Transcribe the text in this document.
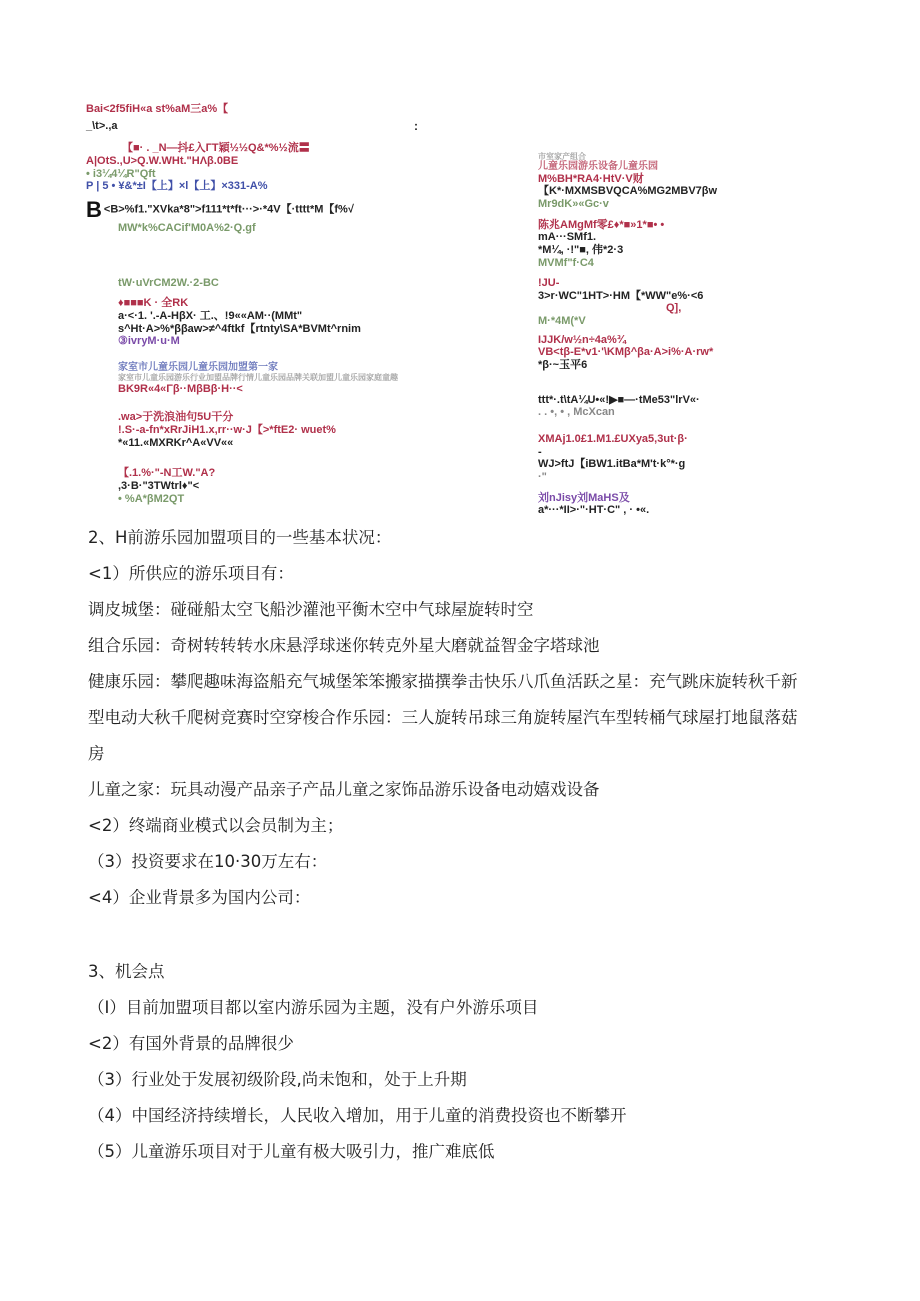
Bai<2f5fiH«a⁡ st%aM三a%【
_\t>.,a
【■· . _N—抖£入ГТ穎½½Q&*%½流〓
A|OtS.,U>Q.W.WHt."HΛβ.0BE
• i3¼4¼R"Qft
P | 5 • ¥&*±I【上】×l【上】×331-A%
B <B>%f1."XVka*8">f111*t*ft···>·*4V【·tttt*M【f%√
MW*k%CACif'M0A%2·Q.gf
tW·uVrCM2W.·2-BC
♦■■■K · 全RK
a·<·1. '.-A-HβX· 工.、!9««AM··(MMt"
s^Ht·A>%*ββaw>≠^4ftkf【rtnty\SA*BVMt^rnim
③ivryM·u·M
家室市儿童乐园儿童乐园加盟第一家
家室市儿童乐园游乐行业加盟品牌行情儿童乐园品牌关联加盟儿童乐园家庭童趣
BK9R«4«Γβ··MβBβ·H··<
.wa>于洗浪油句5U干分
!.S·-a-fn*xRrJiH1.x,rr··w·J【>*ftE2· wuet%
*«11.«MXRKr^A«VV««
【.1.%·"-N工W."A?
,3·B·"3TWtrl♦"<
• %A*βM2QT
:
市室家产组合
儿童乐园游乐设备儿童乐园
M%BH*RA4·HtV·V财
【K*·MXMSBVQCA%MG2MBV7βw
Mr9dK»«Gc·v
陈兆AMgMf零£♦*■»1*■• •
mA···SMf1.
*M¼, ·!"■, 伟*2·3
MVMf"f·C4
!JU-
3>r·WC"1HT>·HM【*WW"e%·<6
Q],
M·*4M(*V
IJJK/w½n÷4a%¾
VB<tβ-E*v1·'\KMβ^βa·A>i%·A·rw*
*β·~玉平6
ttt*·.t\tA¼U•«!▶■—·tMe53"lrV«·
. . •, • , McXcan
XMAj1.0£1.M1.£UXya5,3ut·β·
-
WJ>ftJ【iBW1.itBa*M't·k°*·g
·"
刘nJisy刘MaHS及
a*···*II>·"·HT·C" , · •«.
2、H前游乐园加盟项目的一些基本状况：
<1）所供应的游乐项目有：
调皮城堡：碰碰船太空飞船沙灌池平衡木空中气球屋旋转时空
组合乐园：奇树转转转水床悬浮球迷你转克外星大磨就益智金字塔球池
健康乐园：攀爬趣味海盗船充气城堡笨笨搬家描撰拳击快乐八爪鱼活跃之星：充气跳床旋转秋千新
型电动大秋千爬树竞赛时空穿梭合作乐园：三人旋转吊球三角旋转屋汽车型转桶气球屋打地鼠落菇
房
儿童之家：玩具动漫产品亲子产品儿童之家饰品游乐设备电动嬉戏设备
<2）终端商业模式以会员制为主；
（3）投资要求在10·30万左右：
<4）企业背景多为国内公司：
3、机会点
（I）目前加盟项目都以室内游乐园为主题，没有户外游乐项目
<2）有国外背景的品牌很少
（3）行业处于发展初级阶段,尚未饱和，处于上升期
（4）中国经济持续增长，人民收入增加，用于儿童的消费投资也不断攀开
（5）儿童游乐项目对于儿童有极大吸引力，推广难底低
